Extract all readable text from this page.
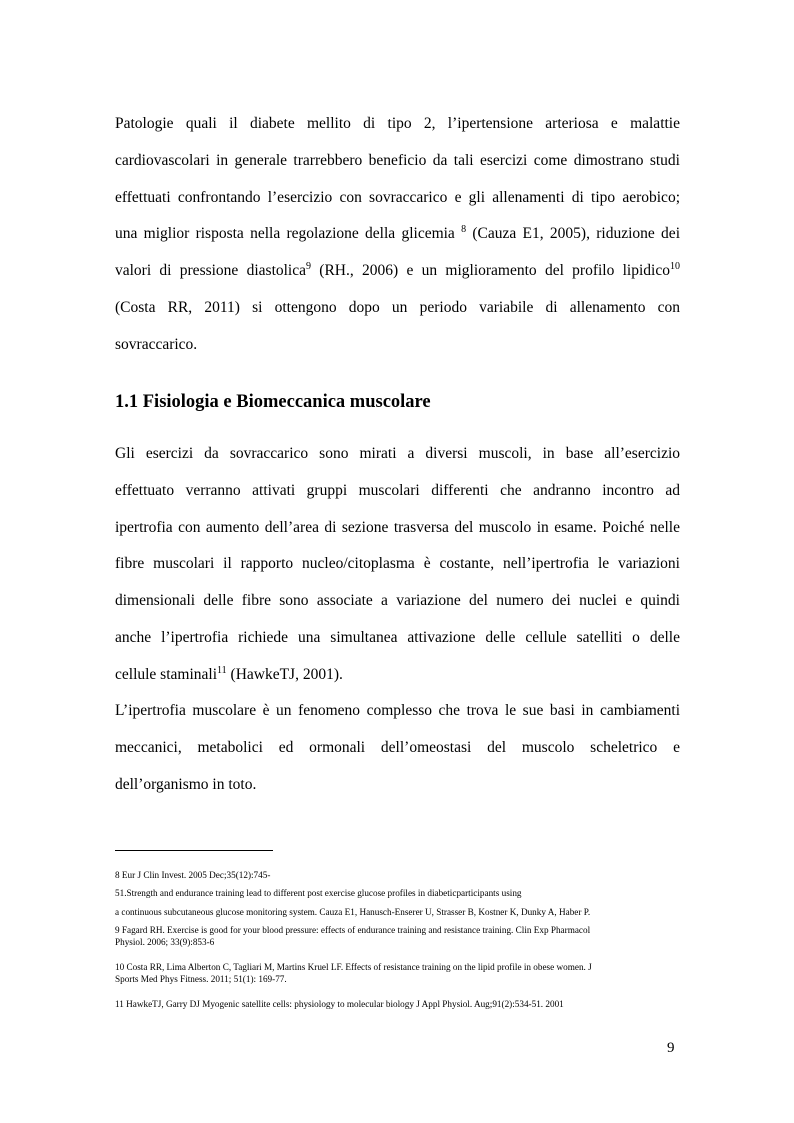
Patologie quali il diabete mellito di tipo 2, l’ipertensione arteriosa e malattie
cardiovascolari in generale trarrebbero beneficio da tali esercizi come dimostrano studi
effettuati confrontando l’esercizio con sovraccarico e gli allenamenti di tipo aerobico;
una miglior risposta nella regolazione della glicemia $^8$ (Cauza E1, 2005), riduzione dei
valori di pressione diastolica$^9$ (RH., 2006) e un miglioramento del profilo lipidico$^{10}$
(Costa RR, 2011) si ottengono dopo un periodo variabile di allenamento con
sovraccarico.
1.1 Fisiologia e Biomeccanica muscolare
Gli esercizi da sovraccarico sono mirati a diversi muscoli, in base all’esercizio
effettuato verranno attivati gruppi muscolari differenti che andranno incontro ad
ipertrofia con aumento dell’area di sezione trasversa del muscolo in esame. Poiché nelle
fibre muscolari il rapporto nucleo/citoplasma è costante, nell’ipertrofia le variazioni
dimensionali delle fibre sono associate a variazione del numero dei nuclei e quindi
anche l’ipertrofia richiede una simultanea attivazione delle cellule satelliti o delle
cellule staminali$^{11}$ (HawkeTJ, 2001).
L’ipertrofia muscolare è un fenomeno complesso che trova le sue basi in cambiamenti
meccanici, metabolici ed ormonali dell’omeostasi del muscolo scheletrico e
dell’organismo in toto.

8 Eur J Clin Invest. 2005 Dec;35(12):745-

51.Strength and endurance training lead to different post exercise glucose profiles in diabeticparticipants using

a continuous subcutaneous glucose monitoring system. Cauza E1, Hanusch-Enserer U, Strasser B, Kostner K, Dunky A, Haber P.

9 Fagard RH. Exercise is good for your blood pressure: effects of endurance training and resistance training. Clin Exp Pharmacol
Physiol. 2006; 33(9):853-6

10 Costa RR, Lima Alberton C, Tagliari M, Martins Kruel LF. Effects of resistance training on the lipid profile in obese women. J
Sports Med Phys Fitness. 2011; 51(1): 169-77.

11 HawkeTJ, Garry DJ Myogenic satellite cells: physiology to molecular biology J Appl Physiol. Aug;91(2):534-51. 2001

9
